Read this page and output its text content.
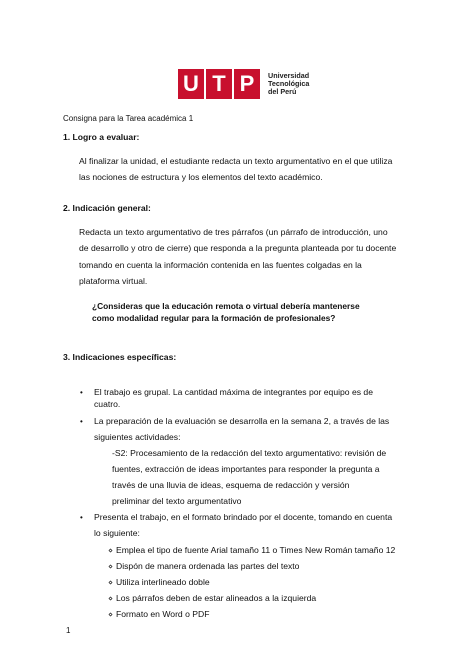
U T P	Universidad
Tecnológica
del Perú
Consigna para la Tarea académica 1
1. Logro a evaluar:
Al finalizar la unidad, el estudiante redacta un texto argumentativo en el que utiliza
las nociones de estructura y los elementos del texto académico.
2. Indicación general:
Redacta un texto argumentativo de tres párrafos (un párrafo de introducción, uno
de desarrollo y otro de cierre) que responda a la pregunta planteada por tu docente
tomando en cuenta la información contenida en las fuentes colgadas en la
plataforma virtual.
¿Consideras que la educación remota o virtual debería mantenerse
como modalidad regular para la formación de profesionales?
3. Indicaciones específicas:
• El trabajo es grupal. La cantidad máxima de integrantes por equipo es de
cuatro.
• La preparación de la evaluación se desarrolla en la semana 2, a través de las
siguientes actividades:
-S2: Procesamiento de la redacción del texto argumentativo: revisión de
fuentes, extracción de ideas importantes para responder la pregunta a
través de una lluvia de ideas, esquema de redacción y versión
preliminar del texto argumentativo
• Presenta el trabajo, en el formato brindado por el docente, tomando en cuenta
lo siguiente:
⋄ Emplea el tipo de fuente Arial tamaño 11 o Times New Román tamaño 12
⋄ Dispón de manera ordenada las partes del texto
⋄ Utiliza interlineado doble
⋄ Los párrafos deben de estar alineados a la izquierda
⋄ Formato en Word o PDF
1
